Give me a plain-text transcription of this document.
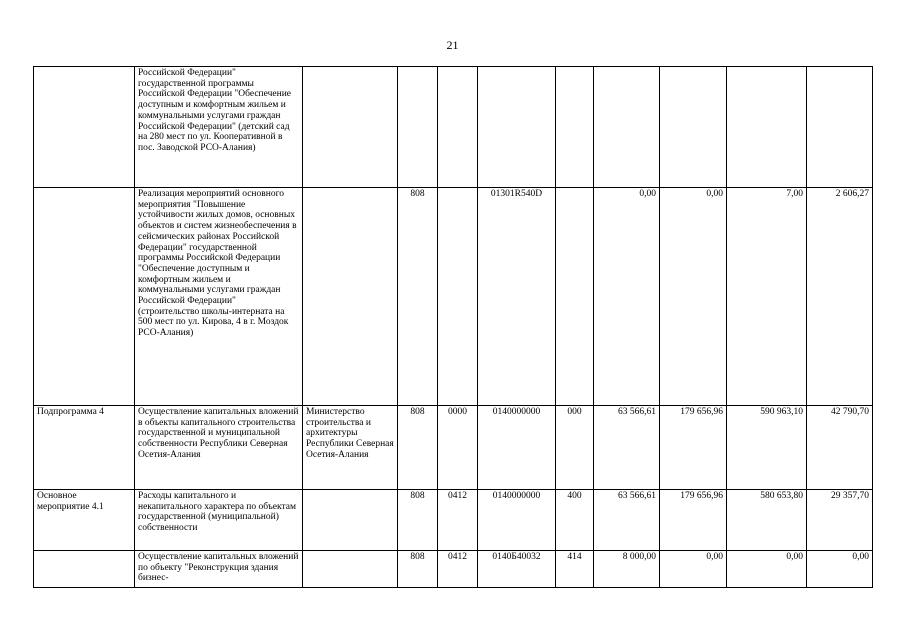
21
	Российской Федерации" государственной программы Российской Федерации "Обеспечение доступным и комфортным жильем и коммунальными услугами граждан Российской Федерации" (детский сад на 280 мест по ул. Кооперативной в пос. Заводской РСО-Алания)									
	Реализация мероприятий основного мероприятия "Повышение устойчивости жилых домов, основных объектов и систем жизнеобеспечения в сейсмических районах Российской Федерации" государственной программы Российской Федерации "Обеспечение доступным и комфортным жильем и коммунальными услугами граждан Российской Федерации" (строительство школы-интерната на 500 мест по ул. Кирова, 4 в г. Моздок РСО-Алания)		808		01301R540D		0,00	0,00	7,00	2 606,27
Подпрограмма 4	Осуществление капитальных вложений в объекты капитального строительства государственной и муниципальной собственности Республики Северная Осетия-Алания	Министерство строительства и архитектуры Республики Северная Осетия-Алания	808	0000	0140000000	000	63 566,61	179 656,96	590 963,10	42 790,70
Основное мероприятие 4.1	Расходы капитального и некапитального характера по объектам государственной (муниципальной) собственности		808	0412	0140000000	400	63 566,61	179 656,96	580 653,80	29 357,70
	Осуществление капитальных вложений по объекту "Реконструкция здания бизнес-		808	0412	0140Б40032	414	8 000,00	0,00	0,00	0,00
